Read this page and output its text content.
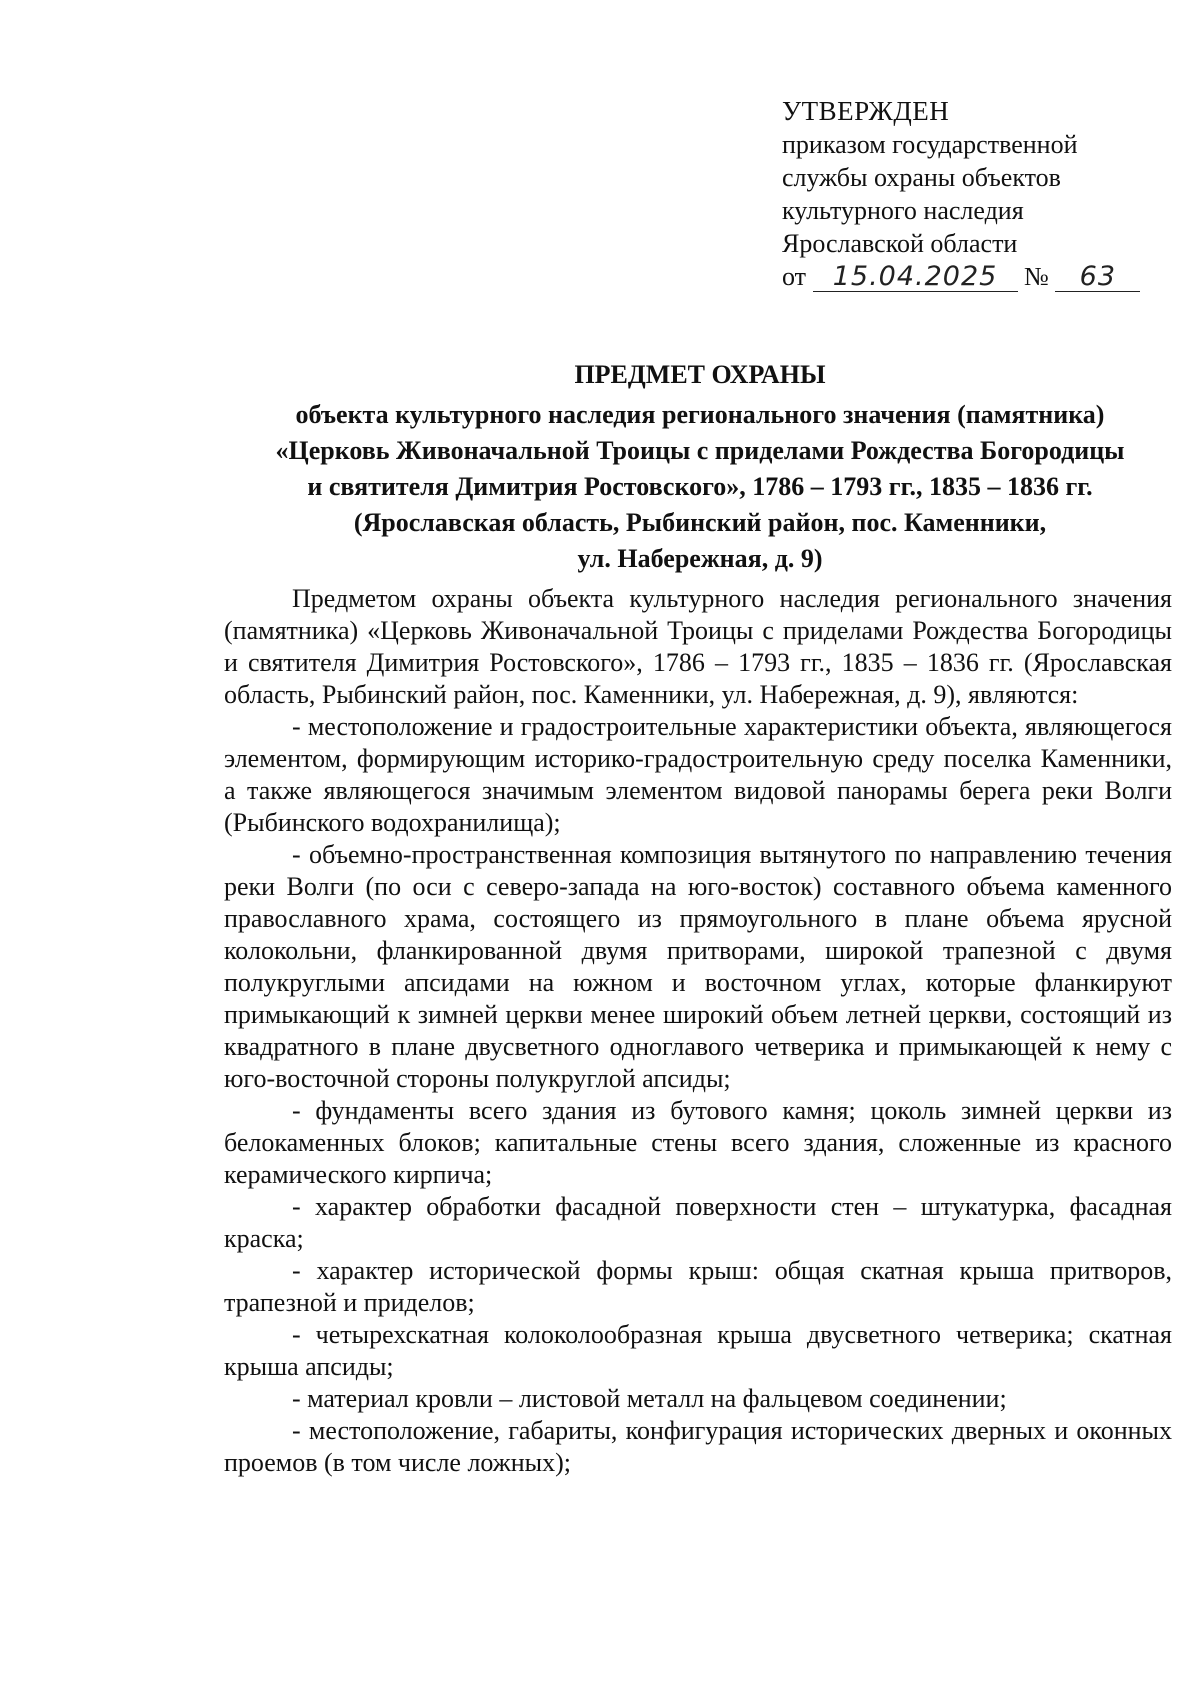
УТВЕРЖДЕН
приказом государственной
службы охраны объектов
культурного наследия
Ярославской области
от 15.04.2025 № 63
ПРЕДМЕТ ОХРАНЫ
объекта культурного наследия регионального значения (памятника)
«Церковь Живоначальной Троицы с приделами Рождества Богородицы
и святителя Димитрия Ростовского», 1786 – 1793 гг., 1835 – 1836 гг.
(Ярославская область, Рыбинский район, пос. Каменники,
ул. Набережная, д. 9)

Предметом охраны объекта культурного наследия регионального значения (памятника) «Церковь Живоначальной Троицы с приделами Рождества Богородицы и святителя Димитрия Ростовского», 1786 – 1793 гг., 1835 – 1836 гг. (Ярославская область, Рыбинский район, пос. Каменники, ул. Набережная, д. 9), являются:

- местоположение и градостроительные характеристики объекта, являющегося элементом, формирующим историко-градостроительную среду поселка Каменники, а также являющегося значимым элементом видовой панорамы берега реки Волги (Рыбинского водохранилища);
- объемно-пространственная композиция вытянутого по направлению течения реки Волги (по оси с северо-запада на юго-восток) составного объема каменного православного храма, состоящего из прямоугольного в плане объема ярусной колокольни, фланкированной двумя притворами, широкой трапезной с двумя полукруглыми апсидами на южном и восточном углах, которые фланкируют примыкающий к зимней церкви менее широкий объем летней церкви, состоящий из квадратного в плане двусветного одноглавого четверика и примыкающей к нему с юго-восточной стороны полукруглой апсиды;
- фундаменты всего здания из бутового камня; цоколь зимней церкви из белокаменных блоков; капитальные стены всего здания, сложенные из красного керамического кирпича;
- характер обработки фасадной поверхности стен – штукатурка, фасадная краска;
- характер исторической формы крыш: общая скатная крыша притворов, трапезной и приделов;
- четырехскатная колоколообразная крыша двусветного четверика; скатная крыша апсиды;
- материал кровли – листовой металл на фальцевом соединении;
- местоположение, габариты, конфигурация исторических дверных и оконных проемов (в том числе ложных);
